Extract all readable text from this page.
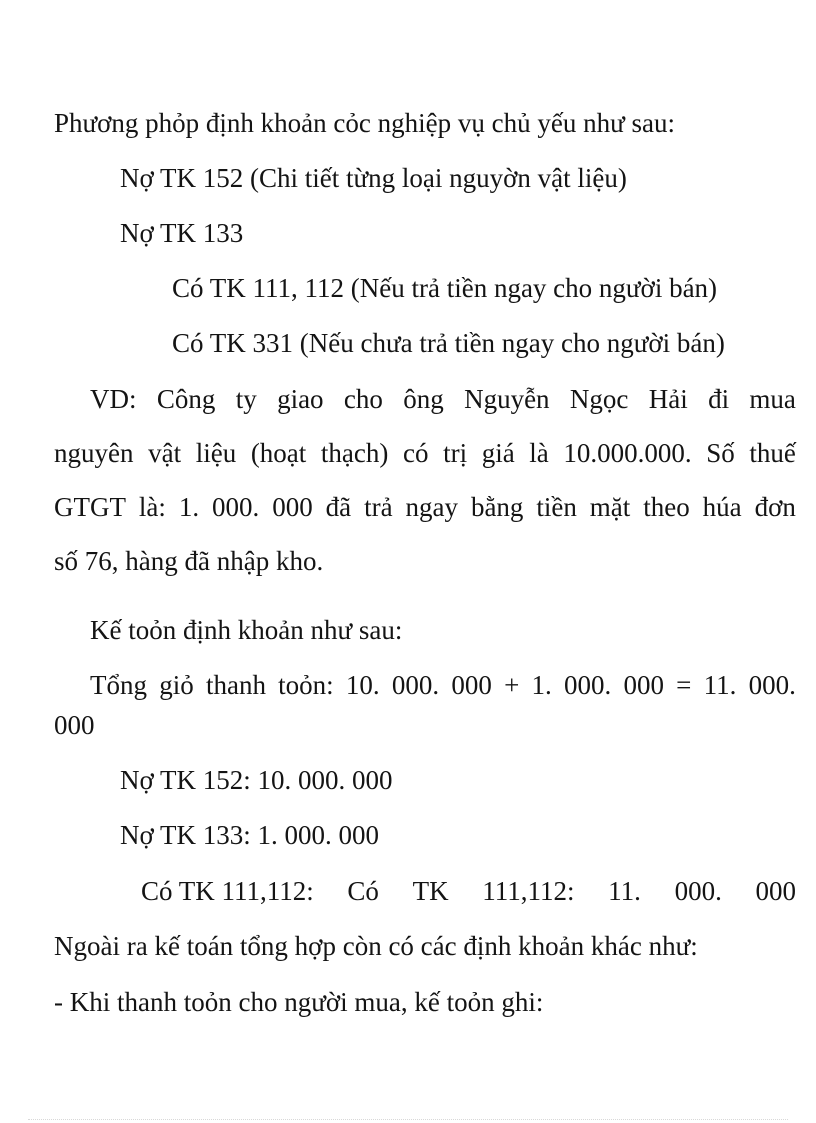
Phương phỏp định khoản cỏc nghiệp vụ chủ yếu như sau:
Nợ TK 152 (Chi tiết từng loại nguyờn vật liệu)
Nợ TK 133
Có TK 111, 112 (Nếu trả tiền ngay cho người bán)
Có TK 331 (Nếu chưa trả tiền ngay cho người bán)
VD: Công ty giao cho ông Nguyễn Ngọc Hải đi mua
nguyên vật liệu (hoạt thạch) có trị giá là 10.000.000. Số thuế
GTGT là: 1. 000. 000 đã trả ngay bằng tiền mặt theo húa đơn
số 76, hàng đã nhập kho.
Kế toỏn định khoản như sau:
Tổng giỏ thanh toỏn: 10. 000. 000 + 1. 000. 000 = 11. 000.
000
Nợ TK 152: 10. 000. 000
Nợ TK 133: 1. 000. 000
Có TK 111,112: Có TK 111,112: 11. 000. 000
Ngoài ra kế toán tổng hợp còn có các định khoản khác như:
- Khi thanh toỏn cho người mua, kế toỏn ghi:
